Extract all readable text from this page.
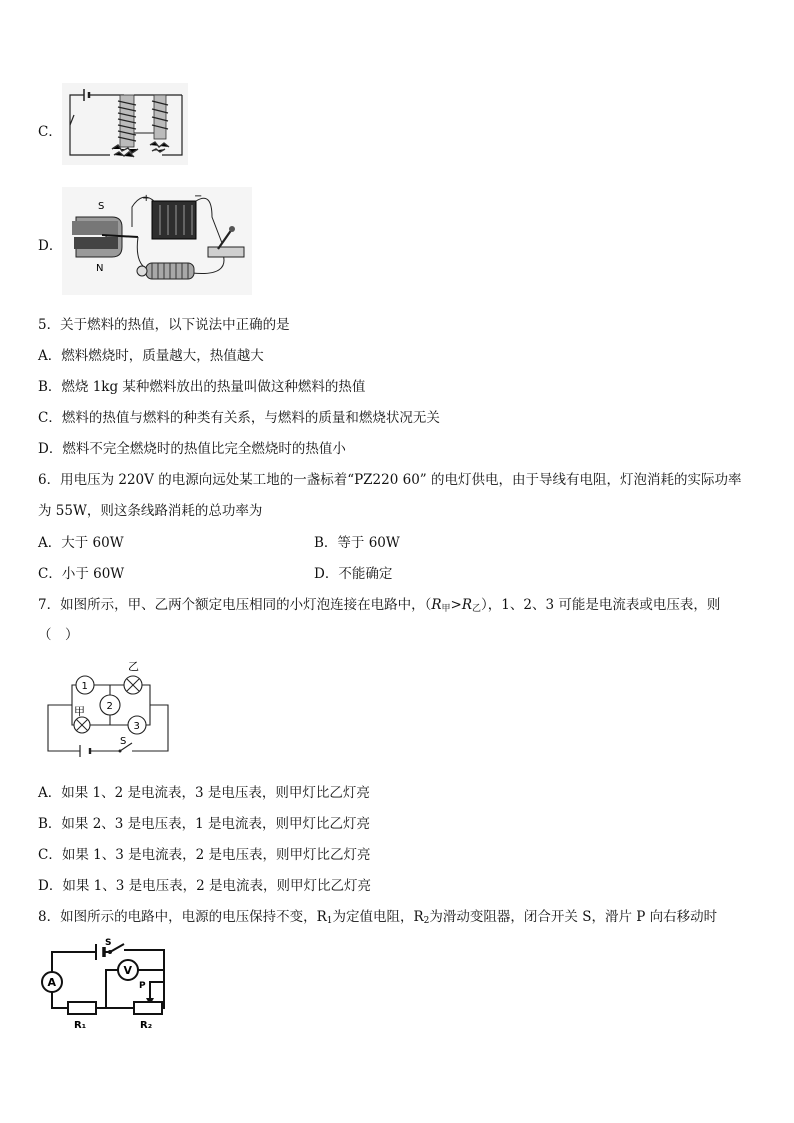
C．
D．
S
N
+	−
5．关于燃料的热值，以下说法中正确的是
A．燃料燃烧时，质量越大，热值越大
B．燃烧 1kg 某种燃料放出的热量叫做这种燃料的热值
C．燃料的热值与燃料的种类有关系，与燃料的质量和燃烧状况无关
D．燃料不完全燃烧时的热值比完全燃烧时的热值小
6．用电压为 220V 的电源向远处某工地的一盏标着“PZ220 60” 的电灯供电，由于导线有电阻，灯泡消耗的实际功率
为 55W，则这条线路消耗的总功率为
A．大于 60W	B．等于 60W
C．小于 60W	D．不能确定
7．如图所示，甲、乙两个额定电压相同的小灯泡连接在电路中，$(R_甲>R_乙)$，1、2、3 可能是电流表或电压表，则
（　）
S
1
乙
2
甲
3
A．如果 1、2 是电流表，3 是电压表，则甲灯比乙灯亮
B．如果 2、3 是电压表，1 是电流表，则甲灯比乙灯亮
C．如果 1、3 是电流表，2 是电压表，则甲灯比乙灯亮
D．如果 1、3 是电压表，2 是电流表，则甲灯比乙灯亮
8．如图所示的电路中，电源的电压保持不变，$R_1$为定值电阻，$R_2$为滑动变阻器，闭合开关 S，滑片 P 向右移动时
S
A
V
R₁	R₂
P
